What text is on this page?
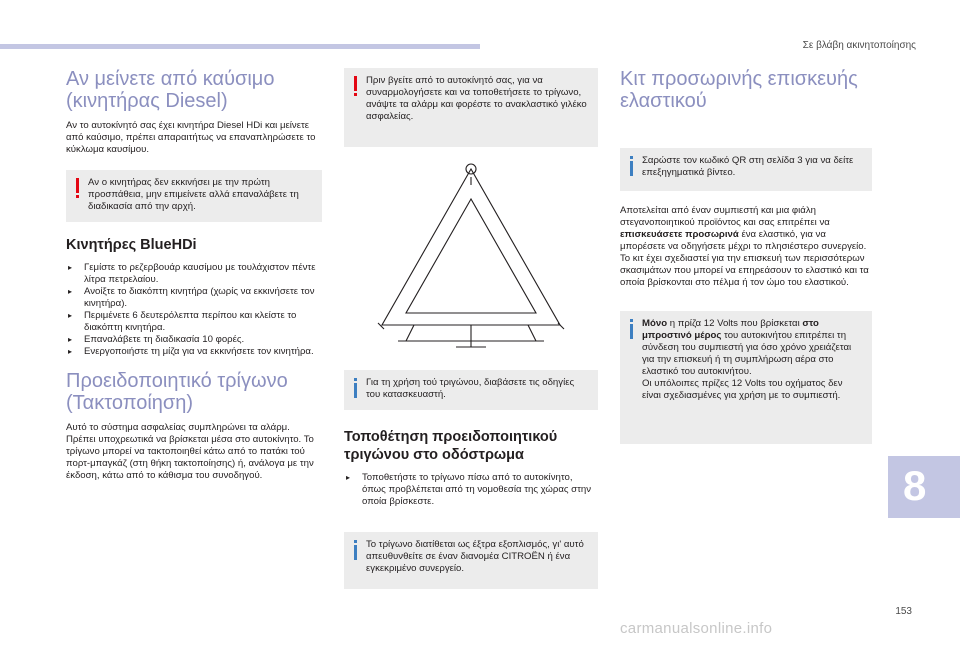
Σε βλάβη ακινητοποίησης
Αν μείνετε από καύσιμο (κινητήρας Diesel)

Αν το αυτοκίνητό σας έχει κινητήρα Diesel HDi και μείνετε από καύσιμο, πρέπει απαραιτήτως να επαναπληρώσετε το κύκλωμα καυσίμου.

Αν ο κινητήρας δεν εκκινήσει με την πρώτη προσπάθεια, μην επιμείνετε αλλά επαναλάβετε τη διαδικασία από την αρχή.
Κινητήρες BlueHDi
▸ Γεμίστε το ρεζερβουάρ καυσίμου με τουλάχιστον πέντε λίτρα πετρελαίου.
▸ Ανοίξτε το διακόπτη κινητήρα (χωρίς να εκκινήσετε τον κινητήρα).
▸ Περιμένετε 6 δευτερόλεπτα περίπου και κλείστε το διακόπτη κινητήρα.
▸ Επαναλάβετε τη διαδικασία 10 φορές.
▸ Ενεργοποιήστε τη μίζα για να εκκινήσετε τον κινητήρα.
Προειδοποιητικό τρίγωνο (Τακτοποίηση)

Αυτό το σύστημα ασφαλείας συμπληρώνει τα αλάρμ. Πρέπει υποχρεωτικά να βρίσκεται μέσα στο αυτοκίνητο. Το τρίγωνο μπορεί να τακτοποιηθεί κάτω από το πατάκι τού πορτ-μπαγκάζ (στη θήκη τακτοποίησης) ή, ανάλογα με την έκδοση, κάτω από το κάθισμα του συνοδηγού.

Πριν βγείτε από το αυτοκίνητό σας, για να συναρμολογήσετε και να τοποθετήσετε το τρίγωνο, ανάψτε τα αλάρμ και φορέστε το ανακλαστικό γιλέκο ασφαλείας.
Για τη χρήση τού τριγώνου, διαβάσετε τις οδηγίες του κατασκευαστή.
Τοποθέτηση προειδοποιητικού τριγώνου στο οδόστρωμα
▸ Τοποθετήστε το τρίγωνο πίσω από το αυτοκίνητο, όπως προβλέπεται από τη νομοθεσία της χώρας στην οποία βρίσκεστε.
Το τρίγωνο διατίθεται ως έξτρα εξοπλισμός, γι' αυτό απευθυνθείτε σε έναν διανομέα CITROËN ή ένα εγκεκριμένο συνεργείο.
Κιτ προσωρινής επισκευής ελαστικού
Σαρώστε τον κωδικό QR στη σελίδα 3 για να δείτε επεξηγηματικά βίντεο.

Αποτελείται από έναν συμπιεστή και μια φιάλη στεγανοποιητικού προϊόντος και σας επιτρέπει να επισκευάσετε προσωρινά ένα ελαστικό, για να μπορέσετε να οδηγήσετε μέχρι το πλησιέστερο συνεργείο.

Το κιτ έχει σχεδιαστεί για την επισκευή των περισσότερων σκασιμάτων που μπορεί να επηρεάσουν το ελαστικό και τα οποία βρίσκονται στο πέλμα ή τον ώμο του ελαστικού.

Μόνο η πρίζα 12 Volts που βρίσκεται στο μπροστινό μέρος του αυτοκινήτου επιτρέπει τη σύνδεση του συμπιεστή για όσο χρόνο χρειάζεται για την επισκευή ή τη συμπλήρωση αέρα στο ελαστικό του αυτοκινήτου.
Οι υπόλοιπες πρίζες 12 Volts του οχήματος δεν είναι σχεδιασμένες για χρήση με το συμπιεστή.
8
153
carmanualsonline.info
